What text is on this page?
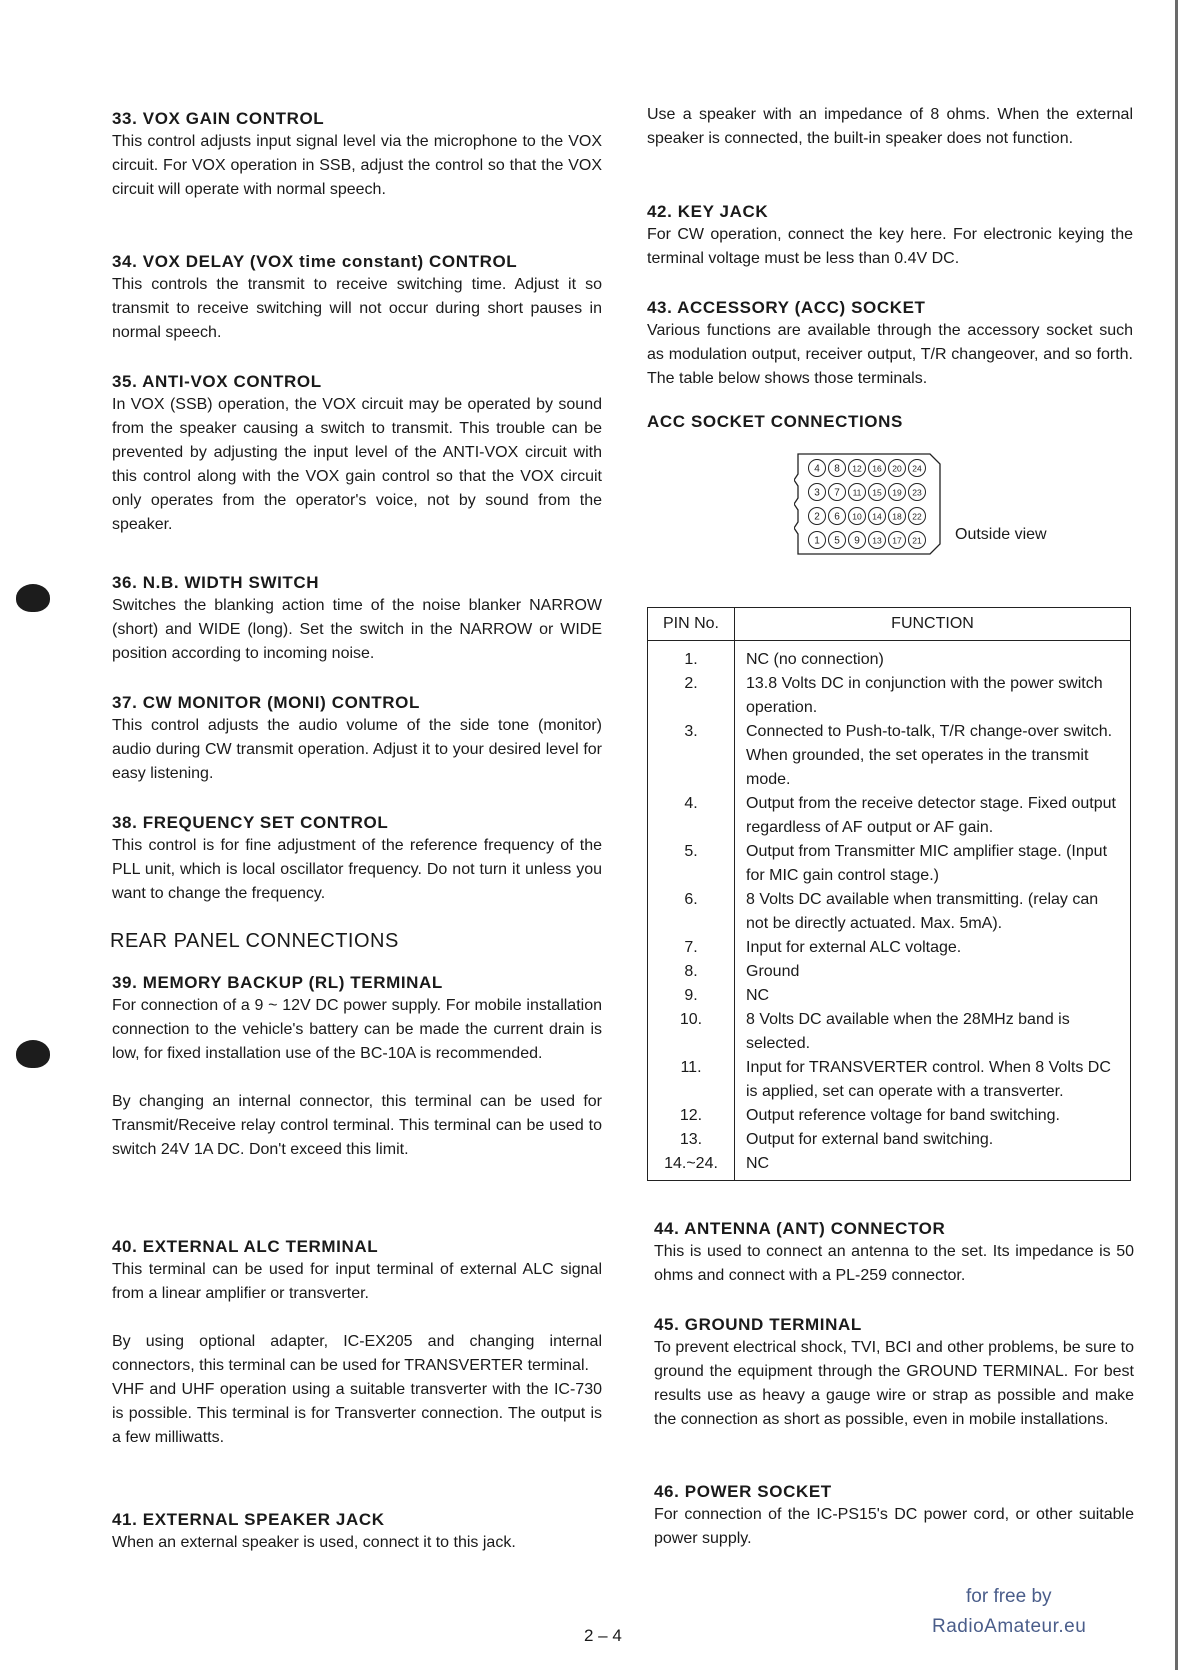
33. VOX GAIN CONTROL
This control adjusts input signal level via the microphone to the VOX circuit. For VOX operation in SSB, adjust the control so that the VOX circuit will operate with normal speech.
34. VOX DELAY (VOX time constant) CONTROL
This controls the transmit to receive switching time. Adjust it so transmit to receive switching will not occur during short pauses in normal speech.
35. ANTI-VOX CONTROL
In VOX (SSB) operation, the VOX circuit may be operated by sound from the speaker causing a switch to transmit. This trouble can be prevented by adjusting the input level of the ANTI-VOX circuit with this control along with the VOX gain control so that the VOX circuit only operates from the operator's voice, not by sound from the speaker.
36. N.B. WIDTH SWITCH
Switches the blanking action time of the noise blanker NARROW (short) and WIDE (long). Set the switch in the NARROW or WIDE position according to incoming noise.
37. CW MONITOR (MONI) CONTROL
This control adjusts the audio volume of the side tone (monitor) audio during CW transmit operation. Adjust it to your desired level for easy listening.
38. FREQUENCY SET CONTROL
This control is for fine adjustment of the reference frequency of the PLL unit, which is local oscillator frequency. Do not turn it unless you want to change the frequency.
REAR PANEL CONNECTIONS
39. MEMORY BACKUP (RL) TERMINAL
For connection of a 9 ~ 12V DC power supply. For mobile installation connection to the vehicle's battery can be made the current drain is low, for fixed installation use of the BC-10A is recommended.
By changing an internal connector, this terminal can be used for Transmit/Receive relay control terminal. This terminal can be used to switch 24V 1A DC. Don't exceed this limit.
40. EXTERNAL ALC TERMINAL
This terminal can be used for input terminal of external ALC signal from a linear amplifier or transverter.
By using optional adapter, IC-EX205 and changing internal connectors, this terminal can be used for TRANSVERTER terminal.
VHF and UHF operation using a suitable transverter with the IC-730 is possible. This terminal is for Transverter connection. The output is a few milliwatts.
41. EXTERNAL SPEAKER JACK
When an external speaker is used, connect it to this jack.
Use a speaker with an impedance of 8 ohms. When the external speaker is connected, the built-in speaker does not function.
42. KEY JACK
For CW operation, connect the key here. For electronic keying the terminal voltage must be less than 0.4V DC.
43. ACCESSORY (ACC) SOCKET
Various functions are available through the accessory socket such as modulation output, receiver output, T/R changeover, and so forth. The table below shows those terminals.
ACC SOCKET CONNECTIONS
4 8 12 16 20 24
3 7 11 15 19 23
2 6 10 14 18 22
1 5 9 13 17 21 Outside view
PIN No.	FUNCTION
1.	NC (no connection)
2.	13.8 Volts DC in conjunction with the power switch operation.
3.	Connected to Push-to-talk, T/R change-over switch. When grounded, the set operates in the transmit mode.
4.	Output from the receive detector stage. Fixed output regardless of AF output or AF gain.
5.	Output from Transmitter MIC amplifier stage. (Input for MIC gain control stage.)
6.	8 Volts DC available when transmitting. (relay can not be directly actuated. Max. 5mA).
7.	Input for external ALC voltage.
8.	Ground
9.	NC
10.	8 Volts DC available when the 28MHz band is selected.
11.	Input for TRANSVERTER control. When 8 Volts DC is applied, set can operate with a transverter.
12.	Output reference voltage for band switching.
13.	Output for external band switching.
14.~24.	NC
44. ANTENNA (ANT) CONNECTOR
This is used to connect an antenna to the set. Its impedance is 50 ohms and connect with a PL-259 connector.
45. GROUND TERMINAL
To prevent electrical shock, TVI, BCI and other problems, be sure to ground the equipment through the GROUND TERMINAL. For best results use as heavy a gauge wire or strap as possible and make the connection as short as possible, even in mobile installations.
46. POWER SOCKET
For connection of the IC-PS15's DC power cord, or other suitable power supply.
2 – 4
for free by
RadioAmateur.eu
